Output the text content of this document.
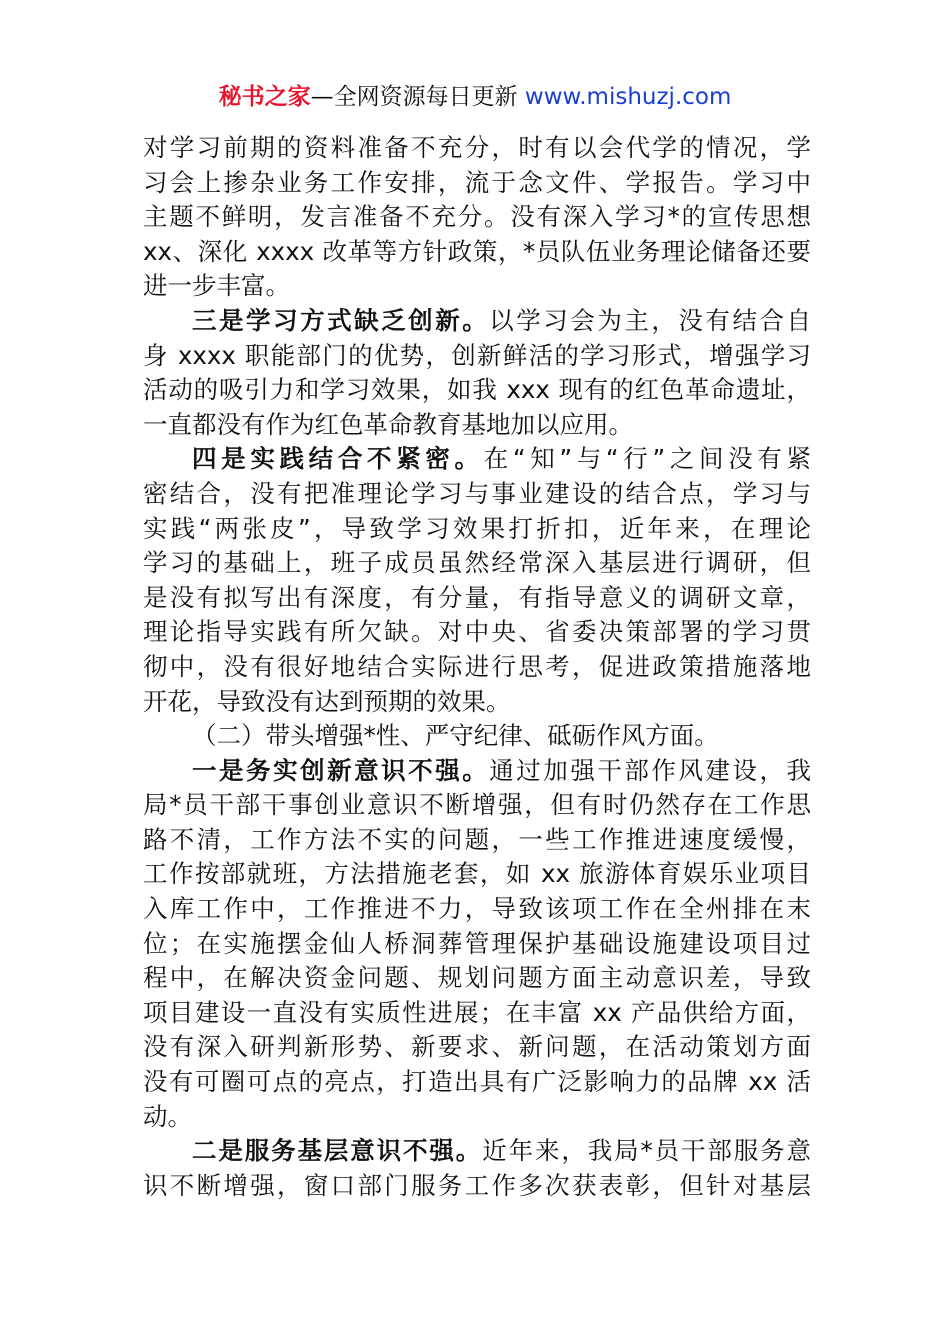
秘书之家—全网资源每日更新 www.mishuzj.com
对学习前期的资料准备不充分，时有以会代学的情况，学
习会上掺杂业务工作安排，流于念文件、学报告。学习中
主题不鲜明，发言准备不充分。没有深入学习*的宣传思想
xx、深化 xxxx 改革等方针政策，*员队伍业务理论储备还要
进一步丰富。
三是学习方式缺乏创新。以学习会为主，没有结合自
身 xxxx 职能部门的优势，创新鲜活的学习形式，增强学习
活动的吸引力和学习效果，如我 xxx 现有的红色革命遗址，
一直都没有作为红色革命教育基地加以应用。
四是实践结合不紧密。在“知”与“行”之间没有紧
密结合，没有把准理论学习与事业建设的结合点，学习与
实践“两张皮”，导致学习效果打折扣，近年来，在理论
学习的基础上，班子成员虽然经常深入基层进行调研，但
是没有拟写出有深度，有分量，有指导意义的调研文章，
理论指导实践有所欠缺。对中央、省委决策部署的学习贯
彻中，没有很好地结合实际进行思考，促进政策措施落地
开花，导致没有达到预期的效果。
（二）带头增强*性、严守纪律、砥砺作风方面。
一是务实创新意识不强。通过加强干部作风建设，我
局*员干部干事创业意识不断增强，但有时仍然存在工作思
路不清，工作方法不实的问题，一些工作推进速度缓慢，
工作按部就班，方法措施老套，如 xx 旅游体育娱乐业项目
入库工作中，工作推进不力，导致该项工作在全州排在末
位；在实施摆金仙人桥洞葬管理保护基础设施建设项目过
程中，在解决资金问题、规划问题方面主动意识差，导致
项目建设一直没有实质性进展；在丰富 xx 产品供给方面，
没有深入研判新形势、新要求、新问题，在活动策划方面
没有可圈可点的亮点，打造出具有广泛影响力的品牌 xx 活
动。
二是服务基层意识不强。近年来，我局*员干部服务意
识不断增强，窗口部门服务工作多次获表彰，但针对基层
